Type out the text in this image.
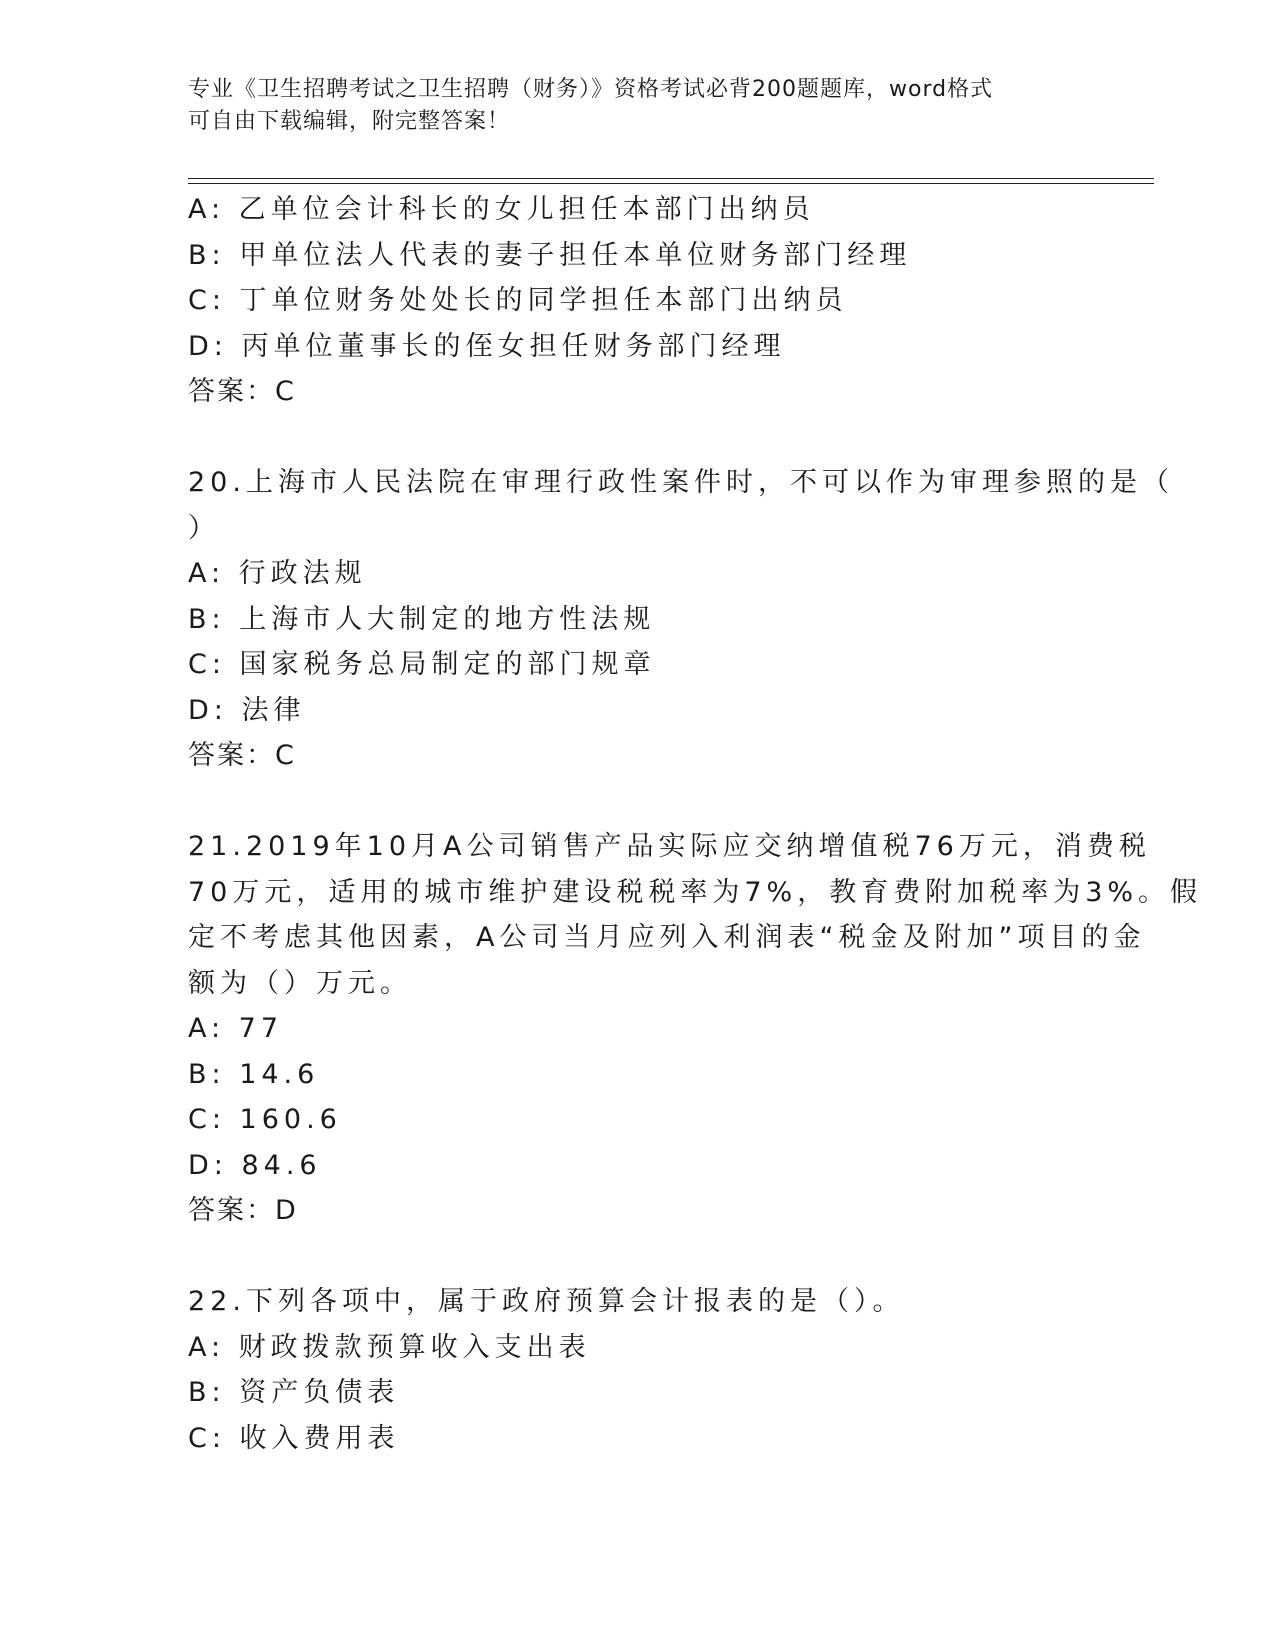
专业《卫生招聘考试之卫生招聘（财务）》资格考试必背200题题库，word格式
可自由下载编辑，附完整答案！
A: 乙单位会计科长的女儿担任本部门出纳员
B: 甲单位法人代表的妻子担任本单位财务部门经理
C: 丁单位财务处处长的同学担任本部门出纳员
D: 丙单位董事长的侄女担任财务部门经理
答案：C
20.上海市人民法院在审理行政性案件时，不可以作为审理参照的是（
）
A: 行政法规
B: 上海市人大制定的地方性法规
C: 国家税务总局制定的部门规章
D: 法律
答案：C
21.2019年10月A公司销售产品实际应交纳增值税76万元，消费税
70万元，适用的城市维护建设税税率为7%，教育费附加税率为3%。假
定不考虑其他因素，A公司当月应列入利润表“税金及附加”项目的金
额为（）万元。
A: 77
B: 14.6
C: 160.6
D: 84.6
答案：D
22.下列各项中，属于政府预算会计报表的是（）。
A: 财政拨款预算收入支出表
B: 资产负债表
C: 收入费用表
